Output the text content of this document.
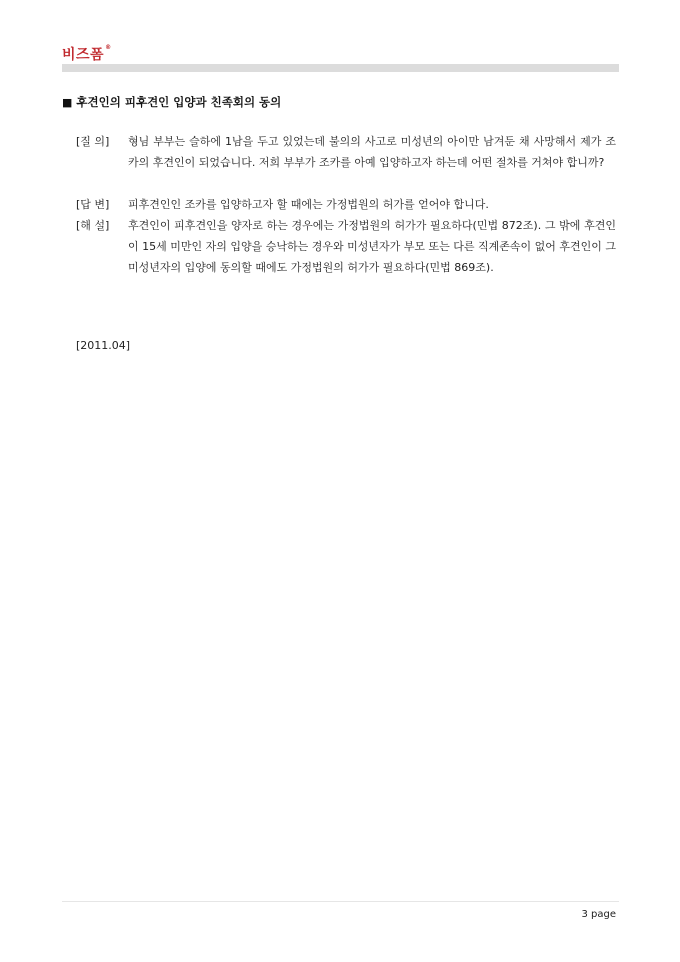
비즈폼®
■ 후견인의 피후견인 입양과 친족회의 동의
[질 의]	형님 부부는 슬하에 1남을 두고 있었는데 불의의 사고로 미성년의 아이만 남겨둔 채 사망해서 제가 조카의 후견인이 되었습니다. 저희 부부가 조카를 아예 입양하고자 하는데 어떤 절차를 거쳐야 합니까?
[답 변]	피후견인인 조카를 입양하고자 할 때에는 가정법원의 허가를 얻어야 합니다.
[해 설]	후견인이 피후견인을 양자로 하는 경우에는 가정법원의 허가가 필요하다(민법 872조). 그 밖에 후견인이 15세 미만인 자의 입양을 승낙하는 경우와 미성년자가 부모 또는 다른 직계존속이 없어 후견인이 그 미성년자의 입양에 동의할 때에도 가정법원의 허가가 필요하다(민법 869조).
[2011.04]
3 page
